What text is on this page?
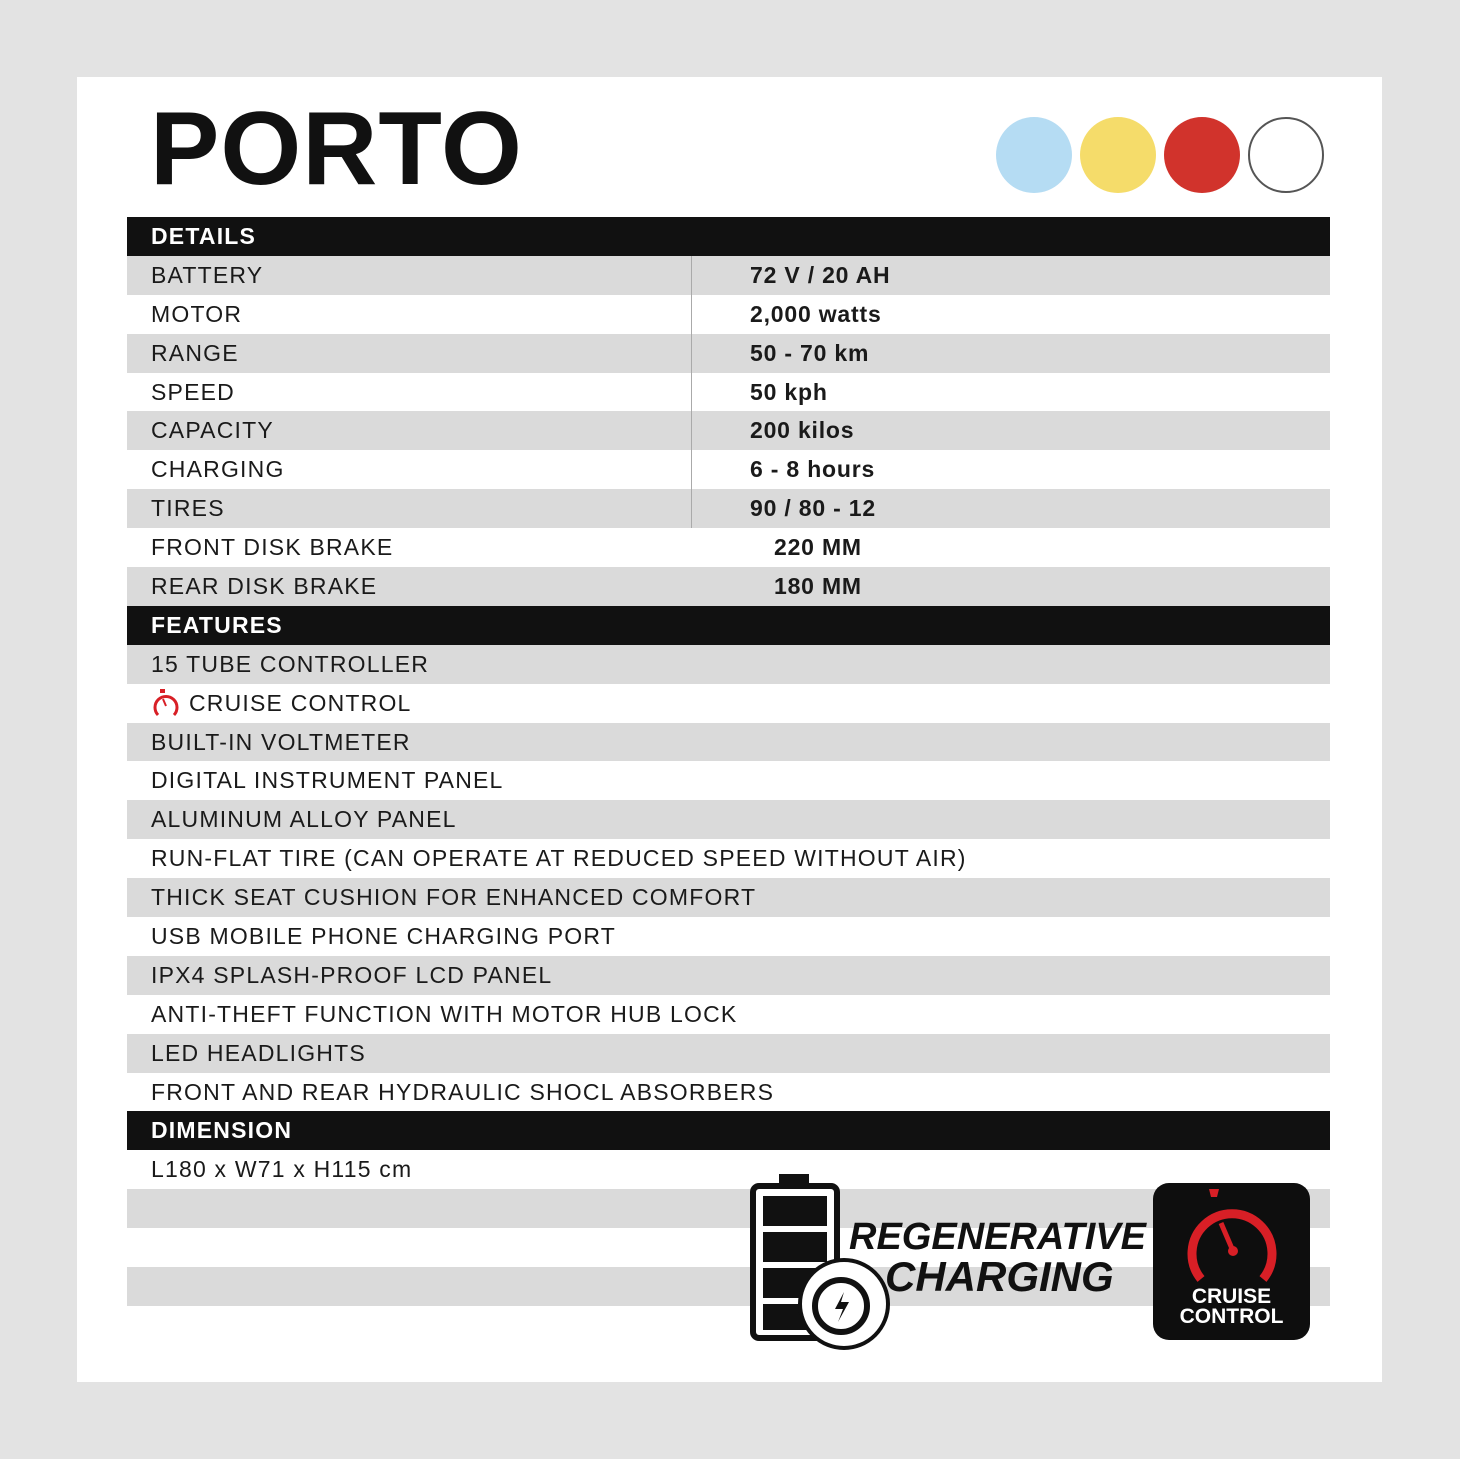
PORTO
DETAILS
BATTERY	72 V / 20 AH
MOTOR	2,000 watts
RANGE	50 - 70 km
SPEED	50 kph
CAPACITY	200 kilos
CHARGING	6 - 8 hours
TIRES	90 / 80 - 12
FRONT DISK BRAKE	220 MM
REAR DISK BRAKE	180 MM
FEATURES
15 TUBE CONTROLLER
CRUISE CONTROL
BUILT-IN VOLTMETER
DIGITAL INSTRUMENT PANEL
ALUMINUM ALLOY PANEL
RUN-FLAT TIRE (CAN OPERATE AT REDUCED SPEED WITHOUT AIR)
THICK SEAT CUSHION FOR ENHANCED COMFORT
USB MOBILE PHONE CHARGING PORT
IPX4 SPLASH-PROOF LCD PANEL
ANTI-THEFT FUNCTION WITH MOTOR HUB LOCK
LED HEADLIGHTS
FRONT AND REAR HYDRAULIC SHOCL ABSORBERS
DIMENSION
L180 x W71 x H115 cm
CRUISE
CONTROL
REGENERATIVE
CHARGING
